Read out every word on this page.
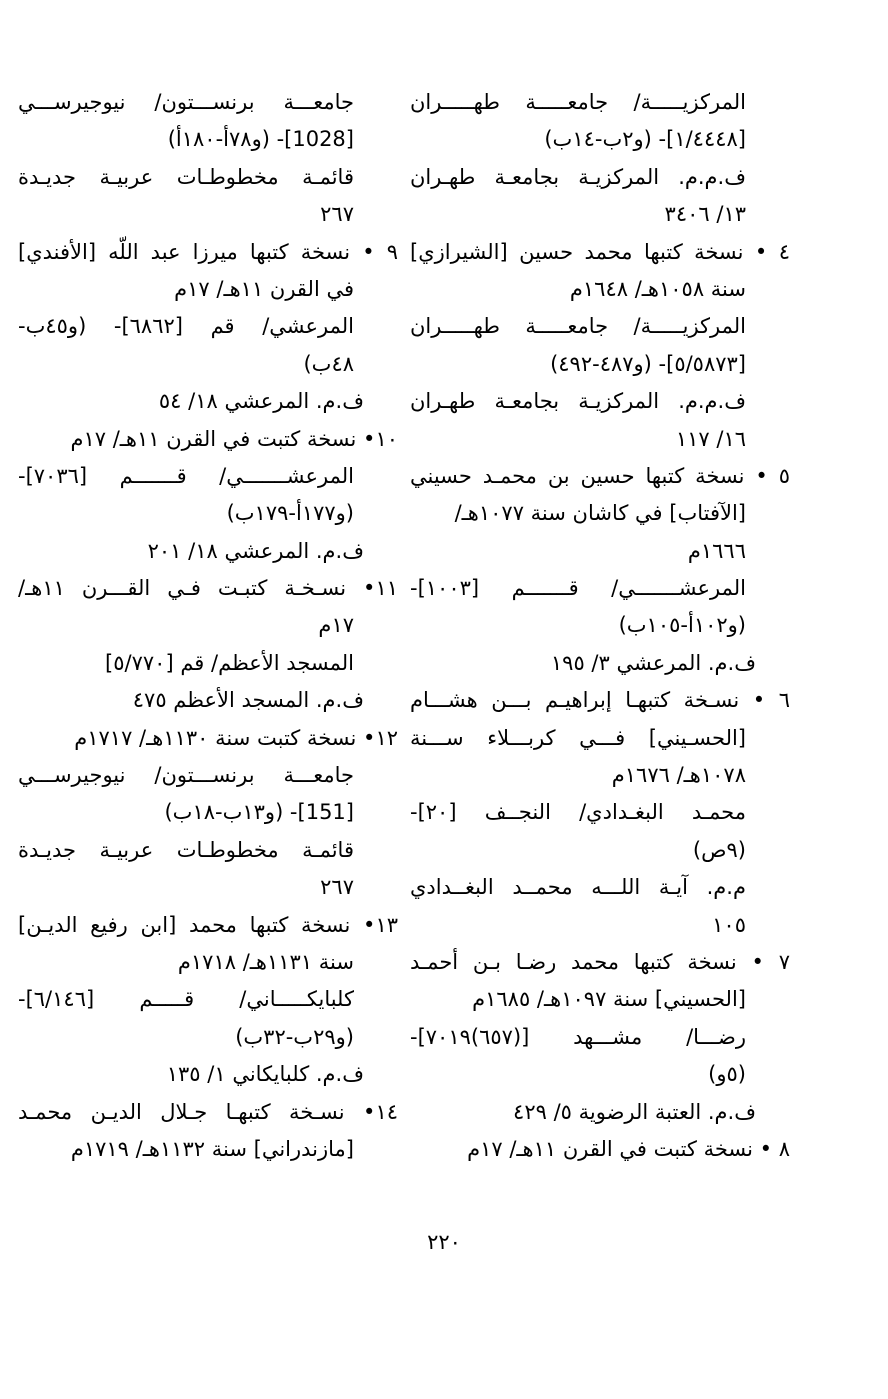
المركزيـــــة/ جامعـــــة طهـــــران
[١/٤٤٤٨]- (و٢ب-١٤ب)
ف.م.م. المركزيـة بجامعـة طهـران
١٣/ ٣٤٠٦
٤ • نسخة كتبها محمد حسين [الشيرازي]
سنة ١٠٥٨هـ/ ١٦٤٨م
المركزيـــــة/ جامعـــــة طهـــــران
[٥/٥٨٧٣]- (و٤٨٧-٤٩٢)
ف.م.م. المركزيـة بجامعـة طهـران
١٦/ ١١٧
٥ • نسخة كتبها حسين بن محمـد حسيني
[الآفتاب] في كاشان سنة ١٠٧٧هـ/
١٦٦٦م
المرعشـــــــي/ قـــــــم [١٠٠٣]-
(و١٠٢أ-١٠٥ب)
ف.م. المرعشي ٣/ ١٩٥
٦ • نسـخة كتبهـا إبراهيـم بـــن هشـــام
[الحسـيني] فـــي كربـــلاء ســـنة
١٠٧٨هـ/ ١٦٧٦م
محمـد البغـدادي/ النجــف [٢٠]-
(٩ص)
م.م. آيـة اللـــه محمــد البغــدادي
١٠٥
٧ • نسخة كتبها محمد رضـا بـن أحمـد
[الحسيني] سنة ١٠٩٧هـ/ ١٦٨٥م
رضـــا/ مشـــهد [(٦٥٧)٧٠١٩]-
(٥و)
ف.م. العتبة الرضوية ٥/ ٤٢٩
٨ • نسخة كتبت في القرن ١١هـ/ ١٧م
جامعـــة برنســـتون/ نيوجيرســـي
[1028]- (و٧٨أ-١٨٠أ)
قائمـة مخطوطـات عربيـة جديـدة
٢٦٧
٩ • نسخة كتبها ميرزا عبد اللّه [الأفندي]
في القرن ١١هـ/ ١٧م
المرعشي/ قم [٦٨٦٢]- (و٤٥ب-
٤٨ب)
ف.م. المرعشي ١٨/ ٥٤
١٠• نسخة كتبت في القرن ١١هـ/ ١٧م
المرعشـــــــي/ قـــــــم [٧٠٣٦]-
(و١٧٧أ-١٧٩ب)
ف.م. المرعشي ١٨/ ٢٠١
١١• نسـخـة كتبـت فـي القـــرن ١١هـ/
١٧م
المسجد الأعظم/ قم [٥/٧٧٠]
ف.م. المسجد الأعظم ٤٧٥
١٢• نسخة كتبت سنة ١١٣٠هـ/ ١٧١٧م
جامعـــة برنســـتون/ نيوجيرســـي
[151]- (و١٣ب-١٨ب)
قائمـة مخطوطـات عربيـة جديـدة
٢٦٧
١٣• نسخة كتبها محمد [ابن رفيع الديـن]
سنة ١١٣١هـ/ ١٧١٨م
كلبايكـــــاني/ قـــــم [٦/١٤٦]-
(و٢٩ب-٣٢ب)
ف.م. كلبايكاني ١/ ١٣٥
١٤• نسـخة كتبهـا جـلال الديـن محمـد
[مازندراني] سنة ١١٣٢هـ/ ١٧١٩م
٢٢٠
